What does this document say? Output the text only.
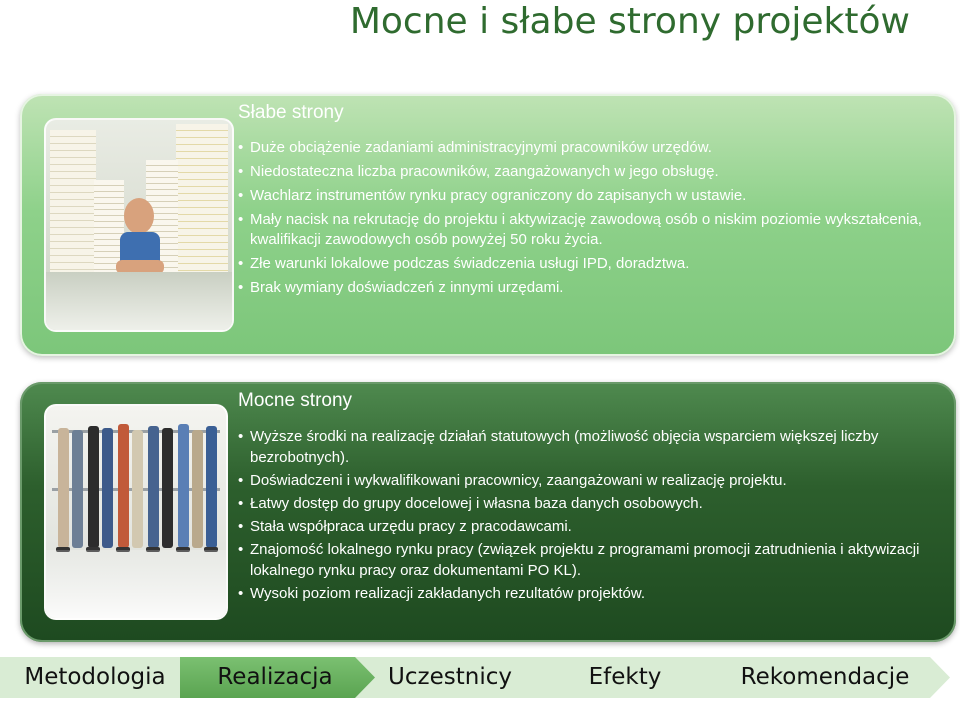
Mocne i słabe strony projektów
Słabe strony
• Duże obciążenie zadaniami administracyjnymi pracowników urzędów.
• Niedostateczna liczba pracowników, zaangażowanych w jego obsługę.
• Wachlarz instrumentów rynku pracy ograniczony do zapisanych w ustawie.
• Mały nacisk na rekrutację do projektu i aktywizację zawodową osób o niskim poziomie wykształcenia, kwalifikacji zawodowych osób powyżej 50 roku życia.
• Złe warunki lokalowe podczas świadczenia usługi IPD, doradztwa.
• Brak wymiany doświadczeń z innymi urzędami.
Mocne strony
• Wyższe środki na realizację działań statutowych (możliwość objęcia wsparciem większej liczby bezrobotnych).
• Doświadczeni i wykwalifikowani pracownicy, zaangażowani w realizację projektu.
• Łatwy dostęp do grupy docelowej i własna baza danych osobowych.
• Stała współpraca urzędu pracy z pracodawcami.
• Znajomość lokalnego rynku pracy (związek projektu z programami promocji zatrudnienia i aktywizacji lokalnego rynku pracy oraz dokumentami PO KL).
• Wysoki poziom realizacji zakładanych rezultatów projektów.
Metodologia	Realizacja	Uczestnicy	Efekty	Rekomendacje
